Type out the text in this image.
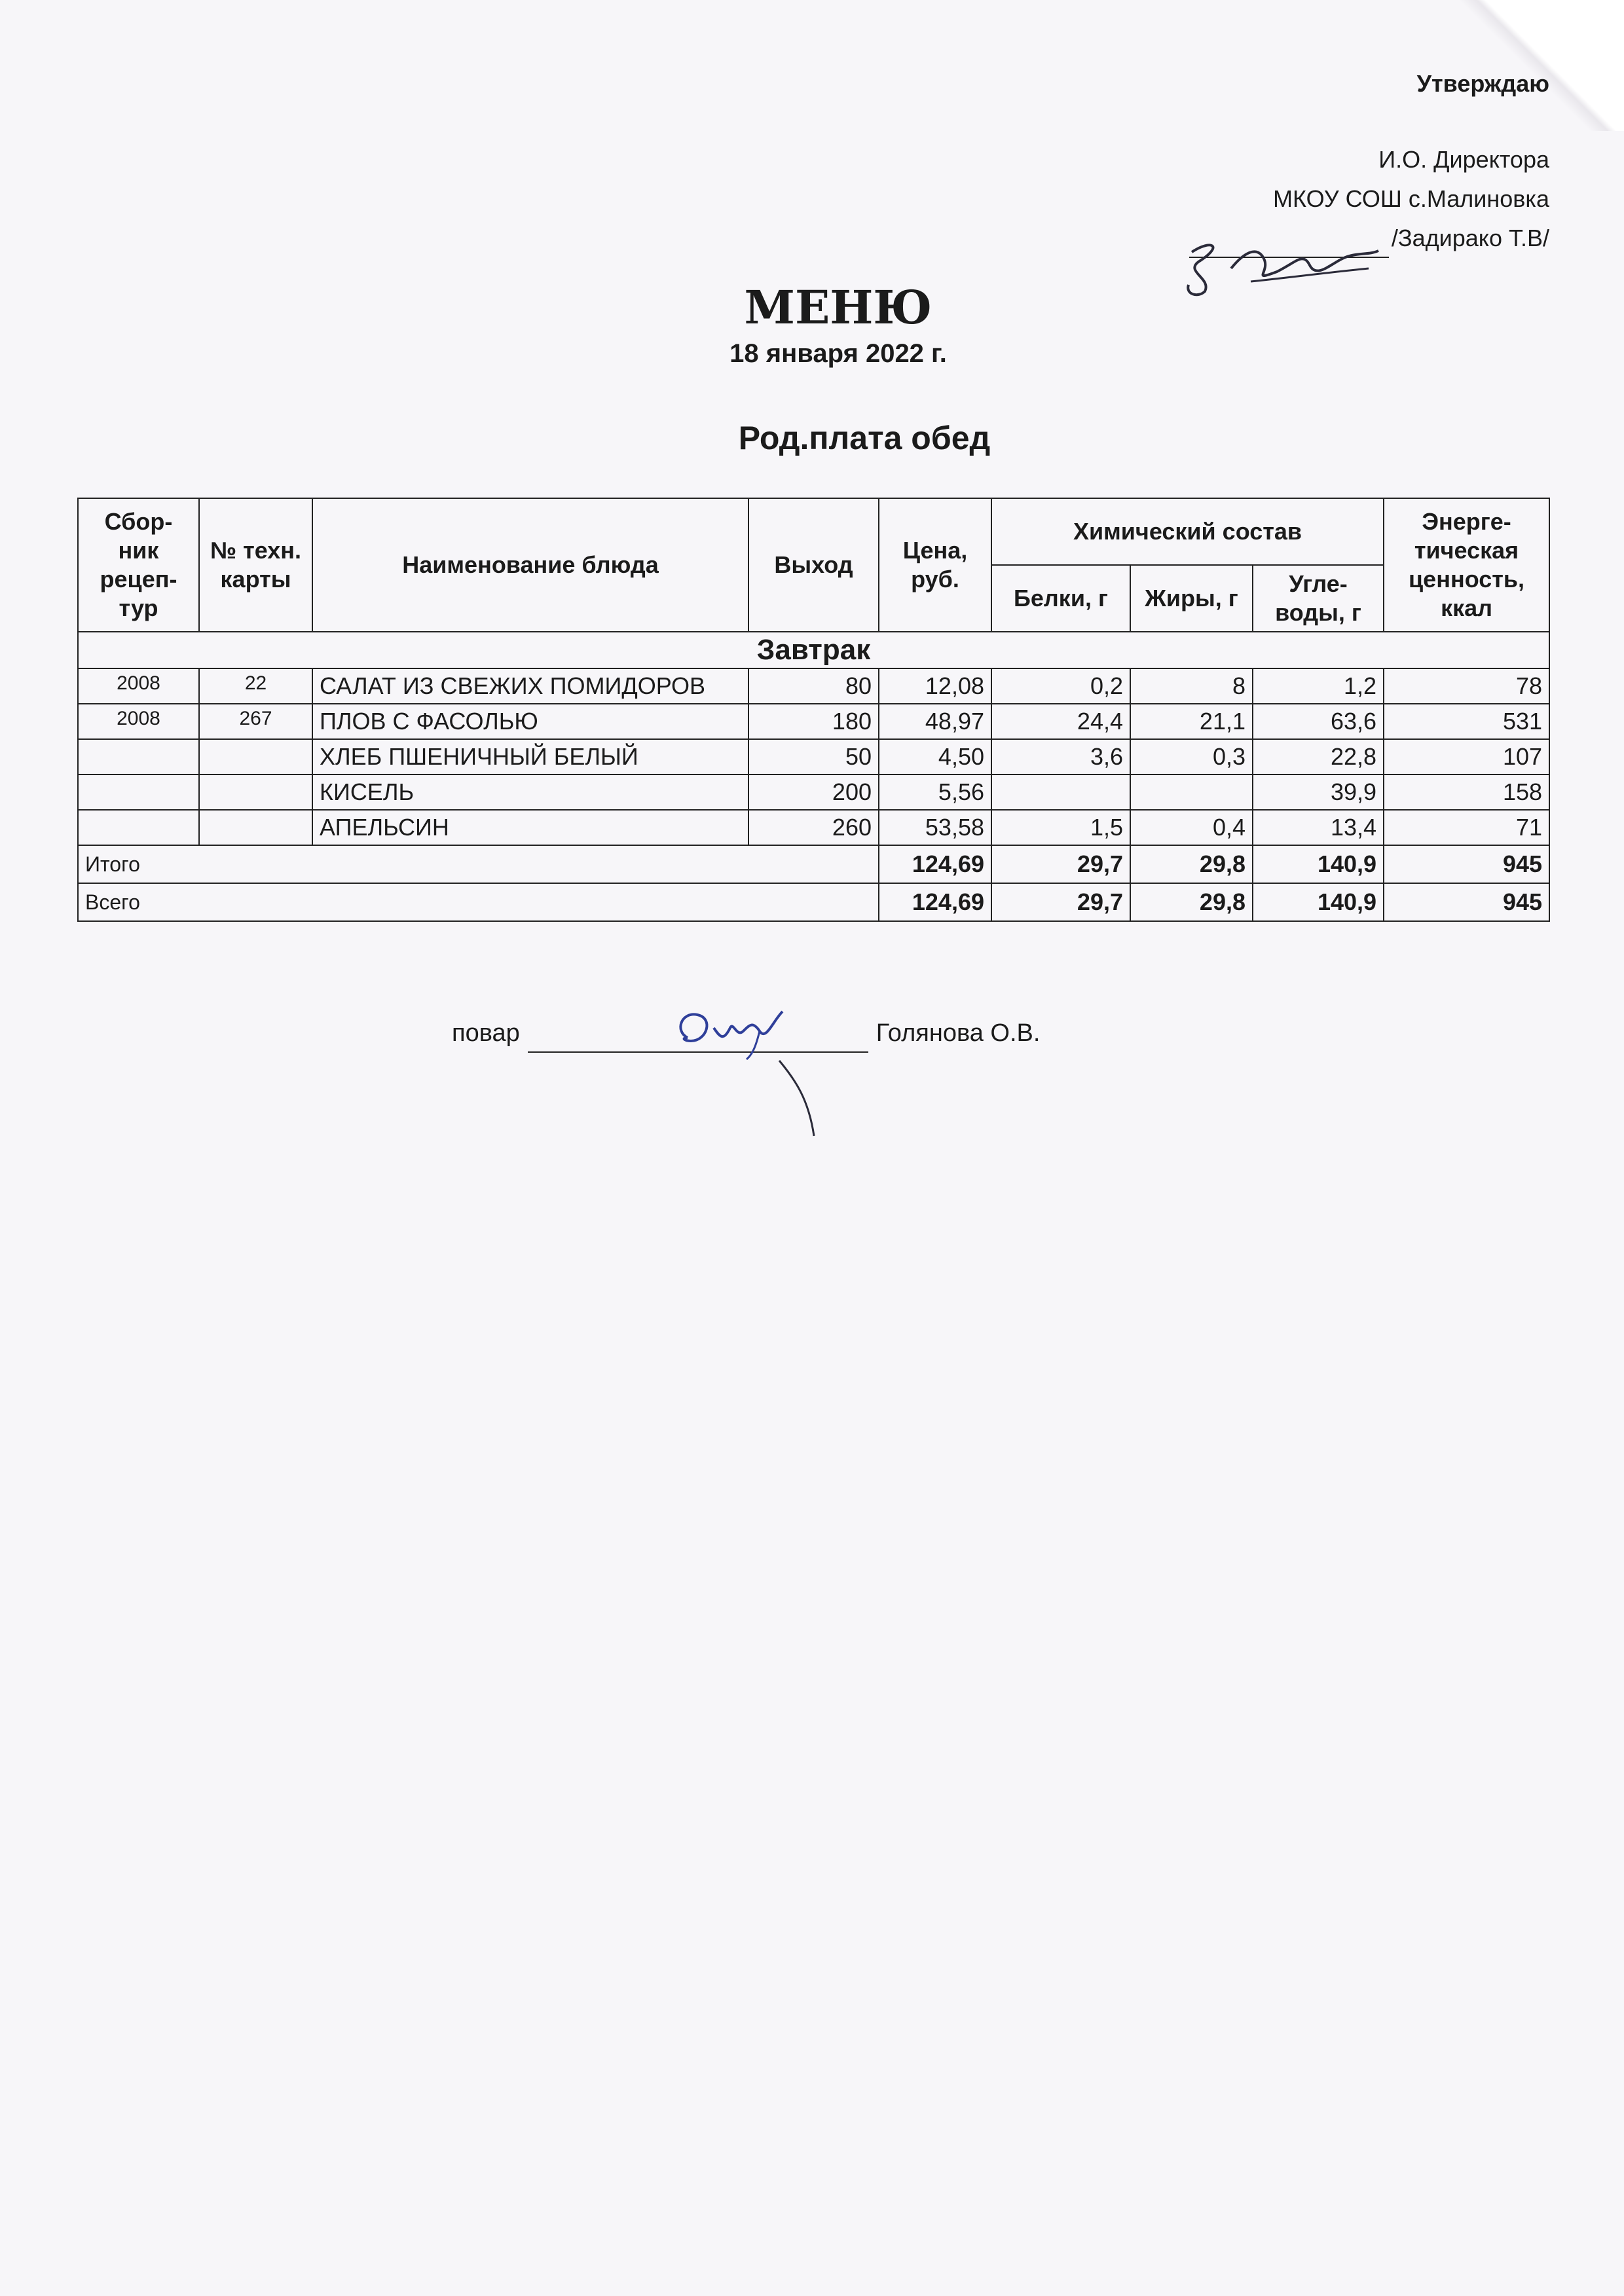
Утверждаю
И.О. Директора
МКОУ СОШ с.Малиновка
/Задирако Т.В/
МЕНЮ
18 января 2022 г.
Род.плата обед
Сбор-ник рецеп-тур	№ техн. карты	Наименование блюда	Выход	Цена, руб.	Химический состав			Энерге-тическая ценность, ккал
					Белки, г	Жиры, г	Угле-воды, г	
Завтрак								
2008	22	САЛАТ ИЗ СВЕЖИХ ПОМИДОРОВ	80	12,08	0,2	8	1,2	78
2008	267	ПЛОВ С ФАСОЛЬЮ	180	48,97	24,4	21,1	63,6	531
		ХЛЕБ ПШЕНИЧНЫЙ БЕЛЫЙ	50	4,50	3,6	0,3	22,8	107
		КИСЕЛЬ	200	5,56			39,9	158
		АПЕЛЬСИН	260	53,58	1,5	0,4	13,4	71
Итого				124,69	29,7	29,8	140,9	945
Всего				124,69	29,7	29,8	140,9	945
повар	Голянова О.В.
